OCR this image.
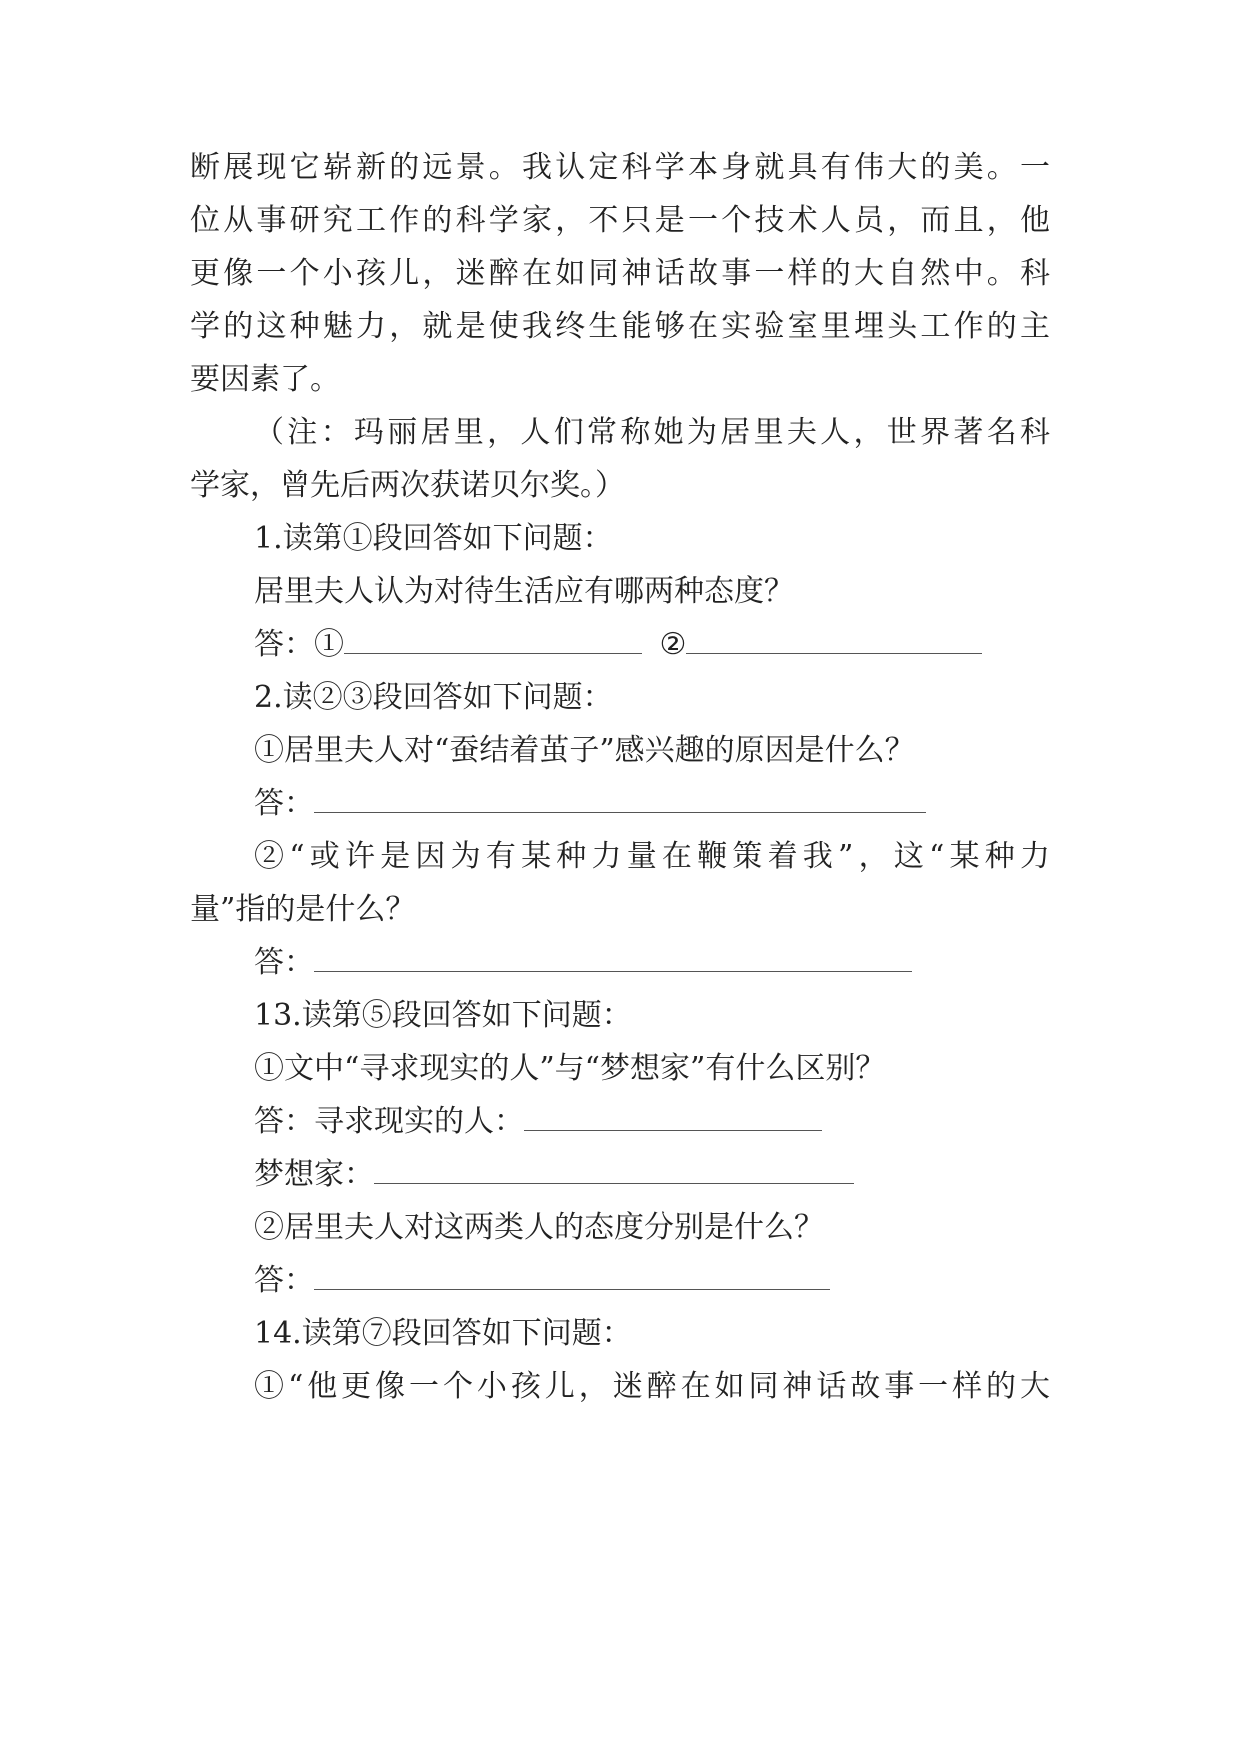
断展现它崭新的远景。我认定科学本身就具有伟大的美。一
位从事研究工作的科学家，不只是一个技术人员，而且，他
更像一个小孩儿，迷醉在如同神话故事一样的大自然中。科
学的这种魅力，就是使我终生能够在实验室里埋头工作的主
要因素了。
（注：玛丽居里，人们常称她为居里夫人，世界著名科
学家，曾先后两次获诺贝尔奖。）
1.读第①段回答如下问题：
居里夫人认为对待生活应有哪两种态度？
答：①	②
2.读②③段回答如下问题：
①居里夫人对“蚕结着茧子”感兴趣的原因是什么？
答：
②“或许是因为有某种力量在鞭策着我”，这“某种力
量”指的是什么？
答：
13.读第⑤段回答如下问题：
①文中“寻求现实的人”与“梦想家”有什么区别？
答：寻求现实的人：
梦想家：
②居里夫人对这两类人的态度分别是什么？
答：
14.读第⑦段回答如下问题：
①“他更像一个小孩儿，迷醉在如同神话故事一样的大
